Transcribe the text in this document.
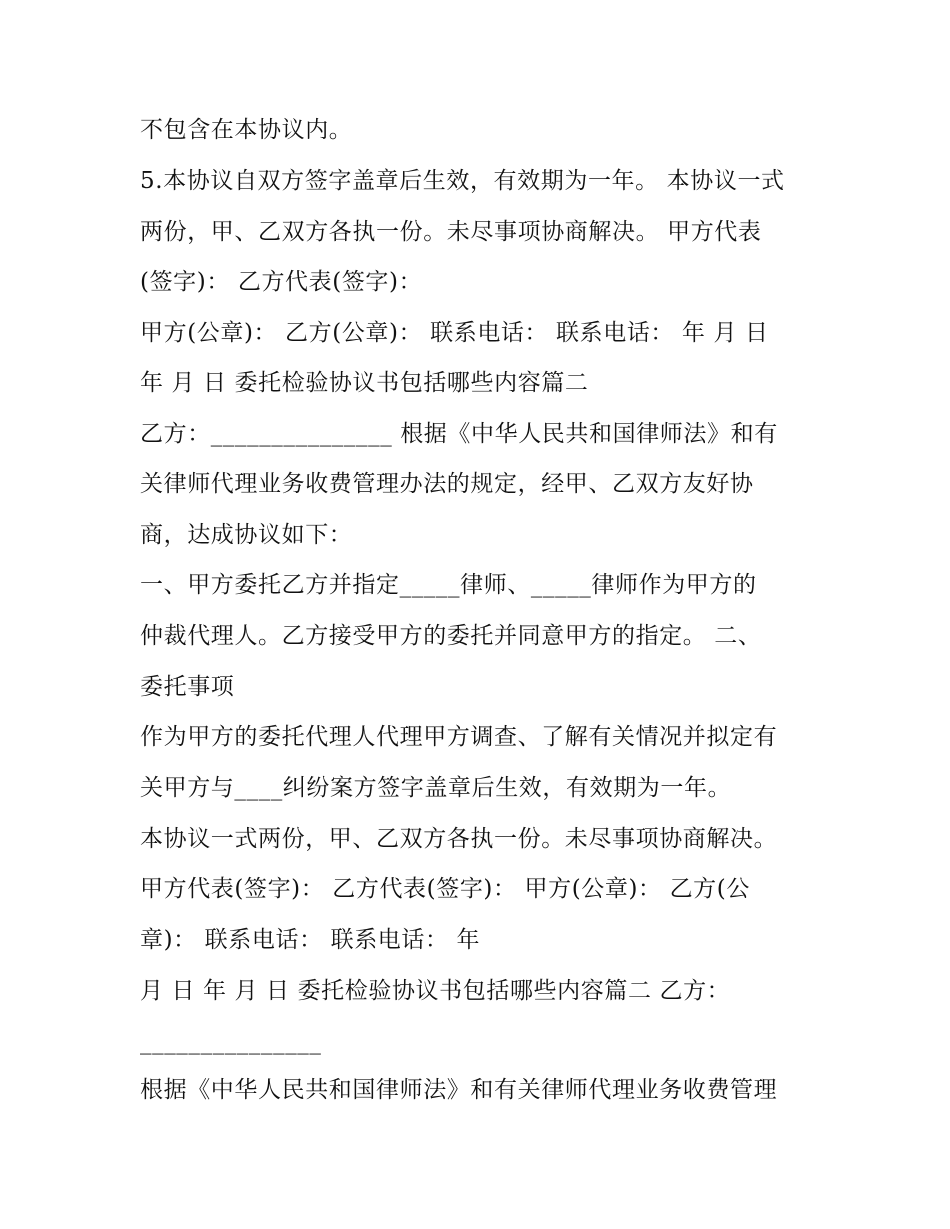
不包含在本协议内。
5.本协议自双方签字盖章后生效，有效期为一年。 本协议一式
两份，甲、乙双方各执一份。未尽事项协商解决。 甲方代表
(签字)： 乙方代表(签字)：
甲方(公章)： 乙方(公章)： 联系电话： 联系电话： 年 月 日
年 月 日 委托检验协议书包括哪些内容篇二
乙方：_______________ 根据《中华人民共和国律师法》和有
关律师代理业务收费管理办法的规定，经甲、乙双方友好协
商，达成协议如下：
一、甲方委托乙方并指定_____律师、_____律师作为甲方的
仲裁代理人。乙方接受甲方的委托并同意甲方的指定。 二、
委托事项
作为甲方的委托代理人代理甲方调查、了解有关情况并拟定有
关甲方与____纠纷案方签字盖章后生效，有效期为一年。
本协议一式两份，甲、乙双方各执一份。未尽事项协商解决。
甲方代表(签字)： 乙方代表(签字)： 甲方(公章)： 乙方(公
章)： 联系电话： 联系电话： 年
月 日 年 月 日 委托检验协议书包括哪些内容篇二 乙方：
_______________
根据《中华人民共和国律师法》和有关律师代理业务收费管理
